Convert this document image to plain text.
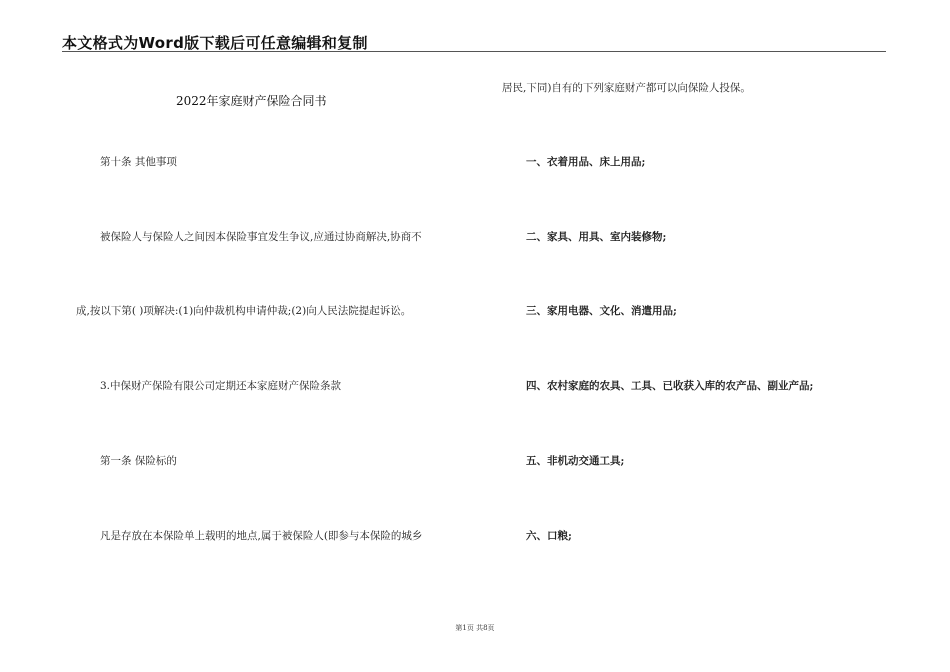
本文格式为Word版下载后可任意编辑和复制
2022年家庭财产保险合同书
第十条 其他事项
被保险人与保险人之间因本保险事宜发生争议,应通过协商解决,协商不
成,按以下第( )项解决:(1)向仲裁机构申请仲裁;(2)向人民法院提起诉讼。
3.中保财产保险有限公司定期还本家庭财产保险条款
第一条 保险标的
凡是存放在本保险单上载明的地点,属于被保险人(即参与本保险的城乡
居民,下同)自有的下列家庭财产都可以向保险人投保。
一、衣着用品、床上用品;
二、家具、用具、室内装修物;
三、家用电器、文化、消遣用品;
四、农村家庭的农具、工具、已收获入库的农产品、副业产品;
五、非机动交通工具;
六、口粮;
第1页 共8页
